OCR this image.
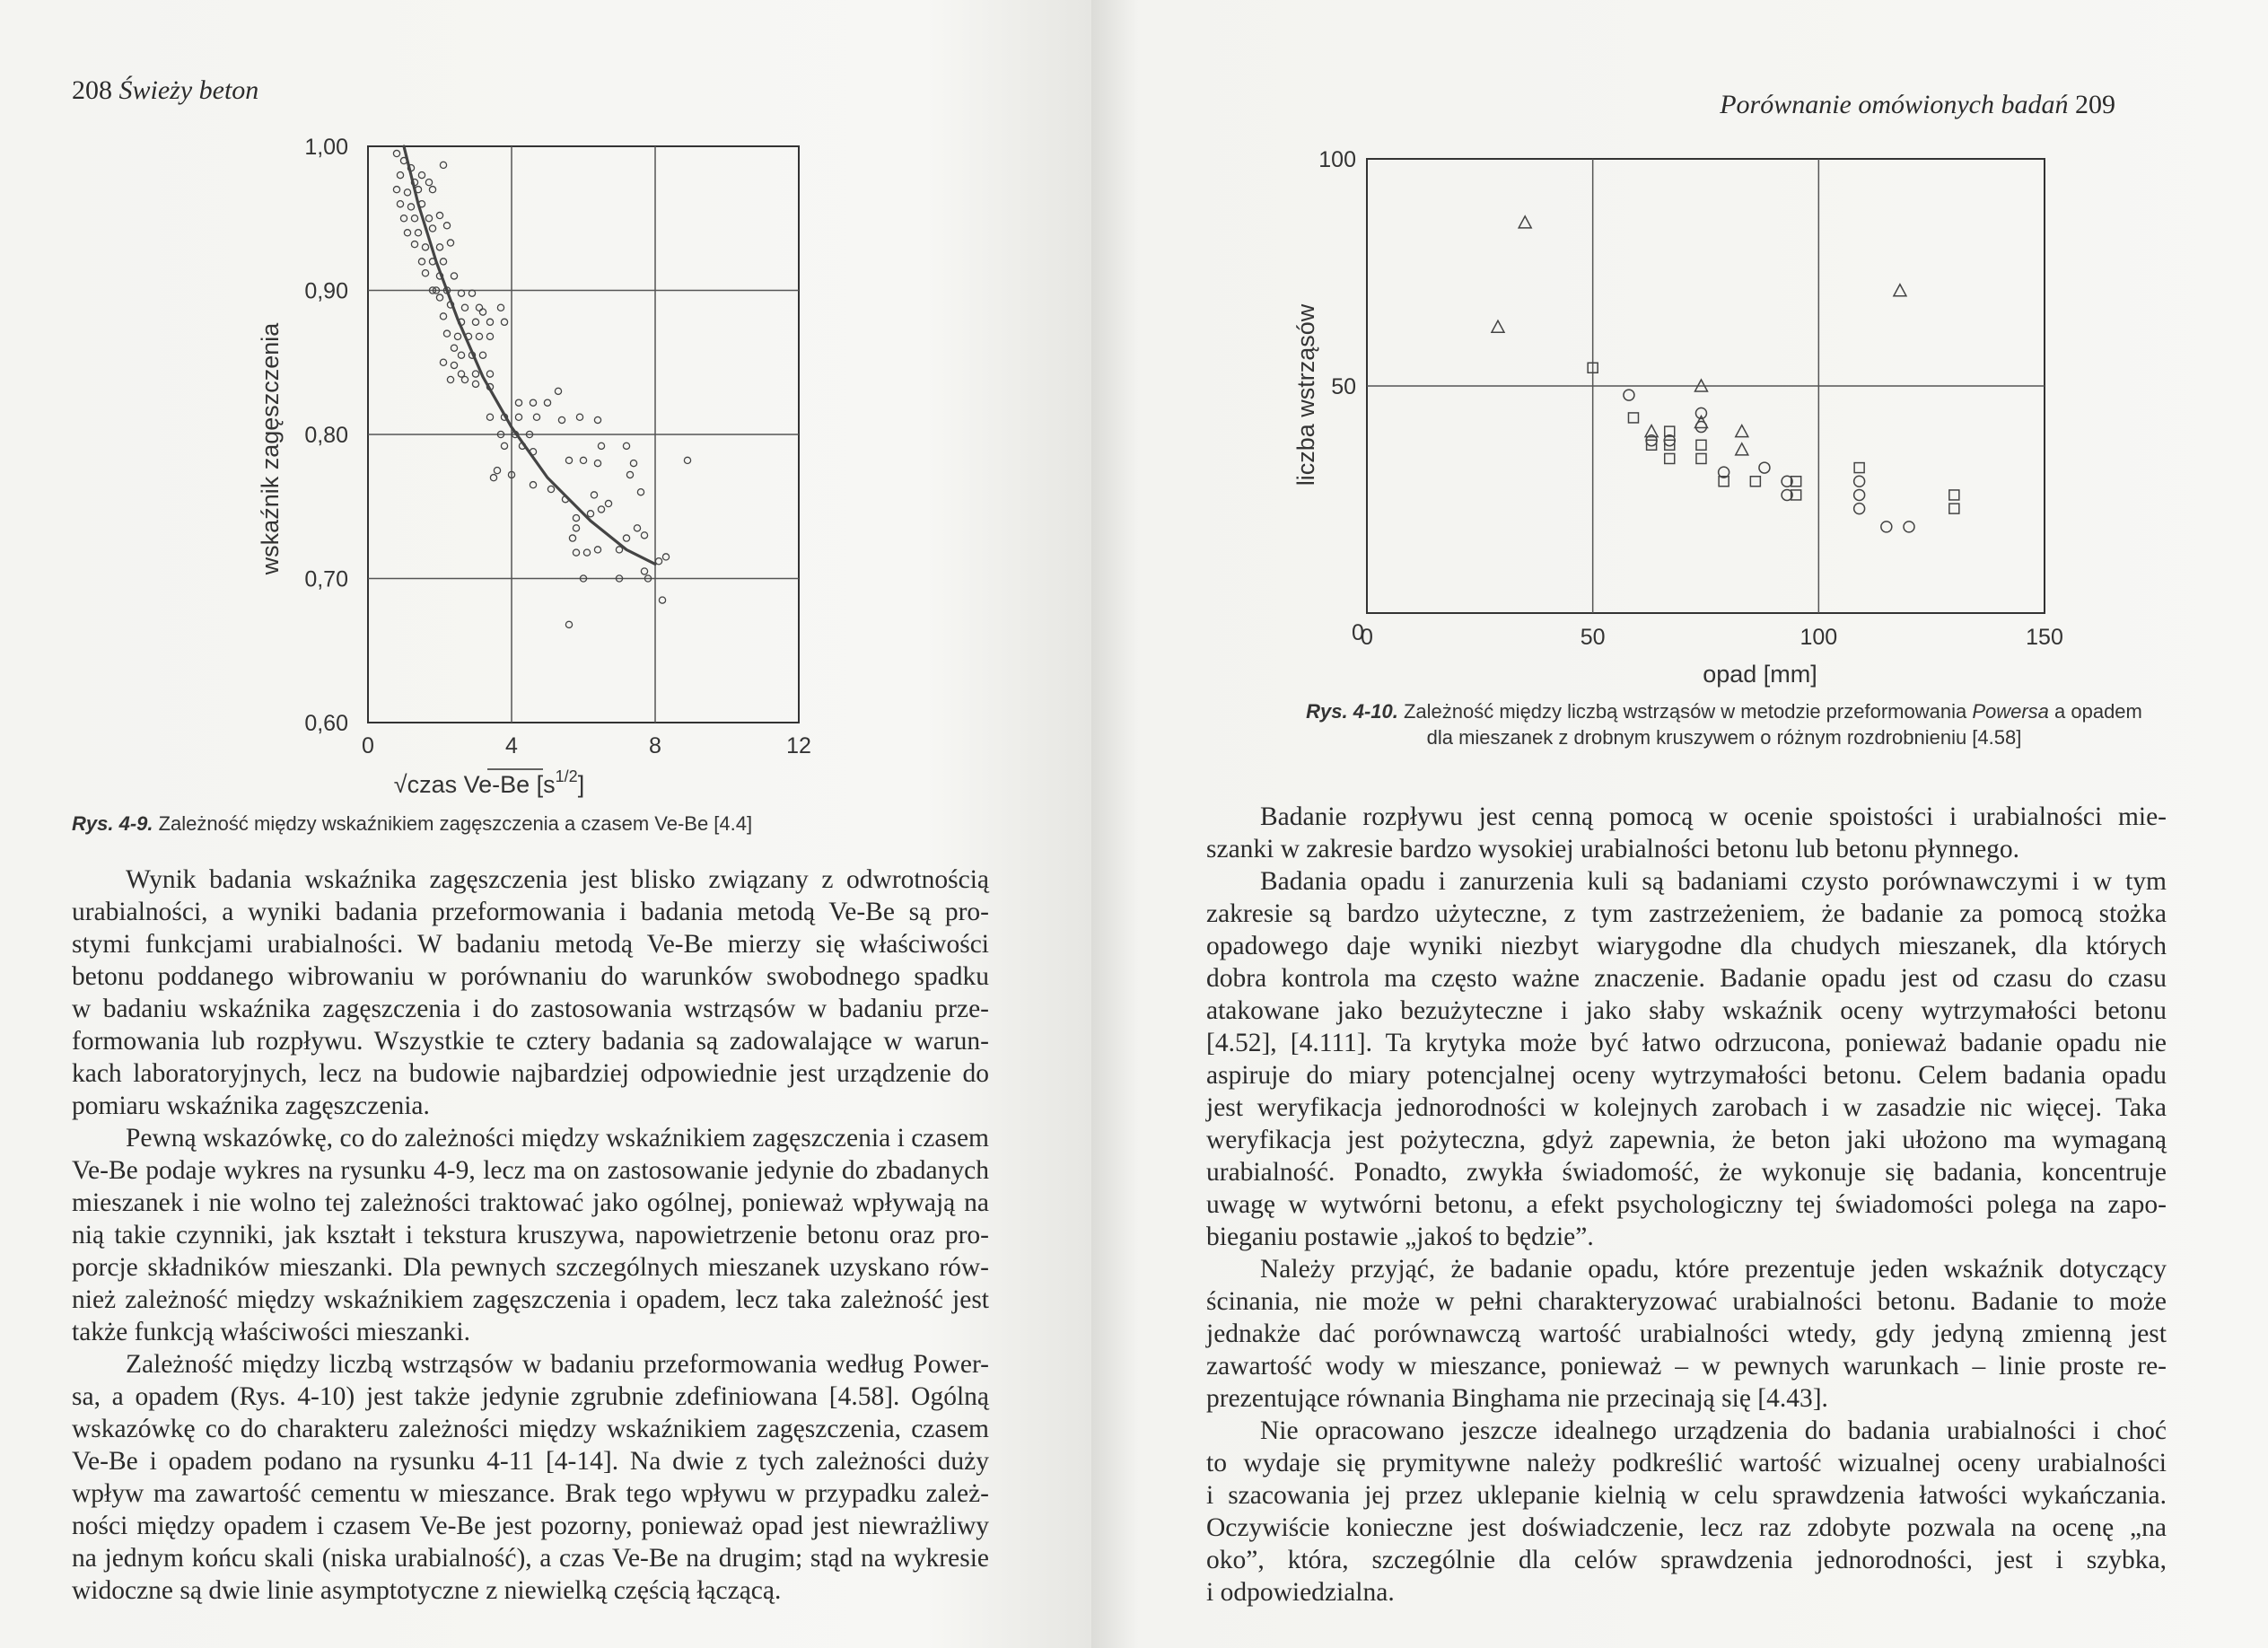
208 Świeży beton
0	4	8	12
0,60
0,70
0,80
0,90
1,00
wskaźnik zagęszczenia
√czas Ve-Be $[s^{1/2}]$
Rys. 4-9. Zależność między wskaźnikiem zagęszczenia a czasem Ve-Be [4.4]

Wynik badania wskaźnika zagęszczenia jest blisko związany z odwrotnością
urabialności, a wyniki badania przeformowania i badania metodą Ve-Be są pro-
stymi funkcjami urabialności. W badaniu metodą Ve-Be mierzy się właściwości
betonu poddanego wibrowaniu w porównaniu do warunków swobodnego spadku
w badaniu wskaźnika zagęszczenia i do zastosowania wstrząsów w badaniu prze-
formowania lub rozpływu. Wszystkie te cztery badania są zadowalające w warun-
kach laboratoryjnych, lecz na budowie najbardziej odpowiednie jest urządzenie do
pomiaru wskaźnika zagęszczenia.

Pewną wskazówkę, co do zależności między wskaźnikiem zagęszczenia i czasem
Ve-Be podaje wykres na rysunku 4-9, lecz ma on zastosowanie jedynie do zbadanych
mieszanek i nie wolno tej zależności traktować jako ogólnej, ponieważ wpływają na
nią takie czynniki, jak kształt i tekstura kruszywa, napowietrzenie betonu oraz pro-
porcje składników mieszanki. Dla pewnych szczególnych mieszanek uzyskano rów-
nież zależność między wskaźnikiem zagęszczenia i opadem, lecz taka zależność jest
także funkcją właściwości mieszanki.

Zależność między liczbą wstrząsów w badaniu przeformowania według Power-
sa, a opadem (Rys. 4-10) jest także jedynie zgrubnie zdefiniowana [4.58]. Ogólną
wskazówkę co do charakteru zależności między wskaźnikiem zagęszczenia, czasem
Ve-Be i opadem podano na rysunku 4-11 [4-14]. Na dwie z tych zależności duży
wpływ ma zawartość cementu w mieszance. Brak tego wpływu w przypadku zależ-
ności między opadem i czasem Ve-Be jest pozorny, ponieważ opad jest niewrażliwy
na jednym końcu skali (niska urabialność), a czas Ve-Be na drugim; stąd na wykresie
widoczne są dwie linie asymptotyczne z niewielką częścią łączącą.

Porównanie omówionych badań 209
0	50	100	150
50
100
0
liczba wstrząsów
opad [mm]
Rys. 4-10. Zależność między liczbą wstrząsów w metodzie przeformowania Powersa a opadem
dla mieszanek z drobnym kruszywem o różnym rozdrobnieniu [4.58]

Badanie rozpływu jest cenną pomocą w ocenie spoistości i urabialności mie-
szanki w zakresie bardzo wysokiej urabialności betonu lub betonu płynnego.

Badania opadu i zanurzenia kuli są badaniami czysto porównawczymi i w tym
zakresie są bardzo użyteczne, z tym zastrzeżeniem, że badanie za pomocą stożka
opadowego daje wyniki niezbyt wiarygodne dla chudych mieszanek, dla których
dobra kontrola ma często ważne znaczenie. Badanie opadu jest od czasu do czasu
atakowane jako bezużyteczne i jako słaby wskaźnik oceny wytrzymałości betonu
[4.52], [4.111]. Ta krytyka może być łatwo odrzucona, ponieważ badanie opadu nie
aspiruje do miary potencjalnej oceny wytrzymałości betonu. Celem badania opadu
jest weryfikacja jednorodności w kolejnych zarobach i w zasadzie nic więcej. Taka
weryfikacja jest pożyteczna, gdyż zapewnia, że beton jaki ułożono ma wymaganą
urabialność. Ponadto, zwykła świadomość, że wykonuje się badania, koncentruje
uwagę w wytwórni betonu, a efekt psychologiczny tej świadomości polega na zapo-
bieganiu postawie „jakoś to będzie”.

Należy przyjąć, że badanie opadu, które prezentuje jeden wskaźnik dotyczący
ścinania, nie może w pełni charakteryzować urabialności betonu. Badanie to może
jednakże dać porównawczą wartość urabialności wtedy, gdy jedyną zmienną jest
zawartość wody w mieszance, ponieważ – w pewnych warunkach – linie proste re-
prezentujące równania Binghama nie przecinają się [4.43].

Nie opracowano jeszcze idealnego urządzenia do badania urabialności i choć
to wydaje się prymitywne należy podkreślić wartość wizualnej oceny urabialności
i szacowania jej przez uklepanie kielnią w celu sprawdzenia łatwości wykańczania.
Oczywiście konieczne jest doświadczenie, lecz raz zdobyte pozwala na ocenę „na
oko”, która, szczególnie dla celów sprawdzenia jednorodności, jest i szybka,
i odpowiedzialna.
